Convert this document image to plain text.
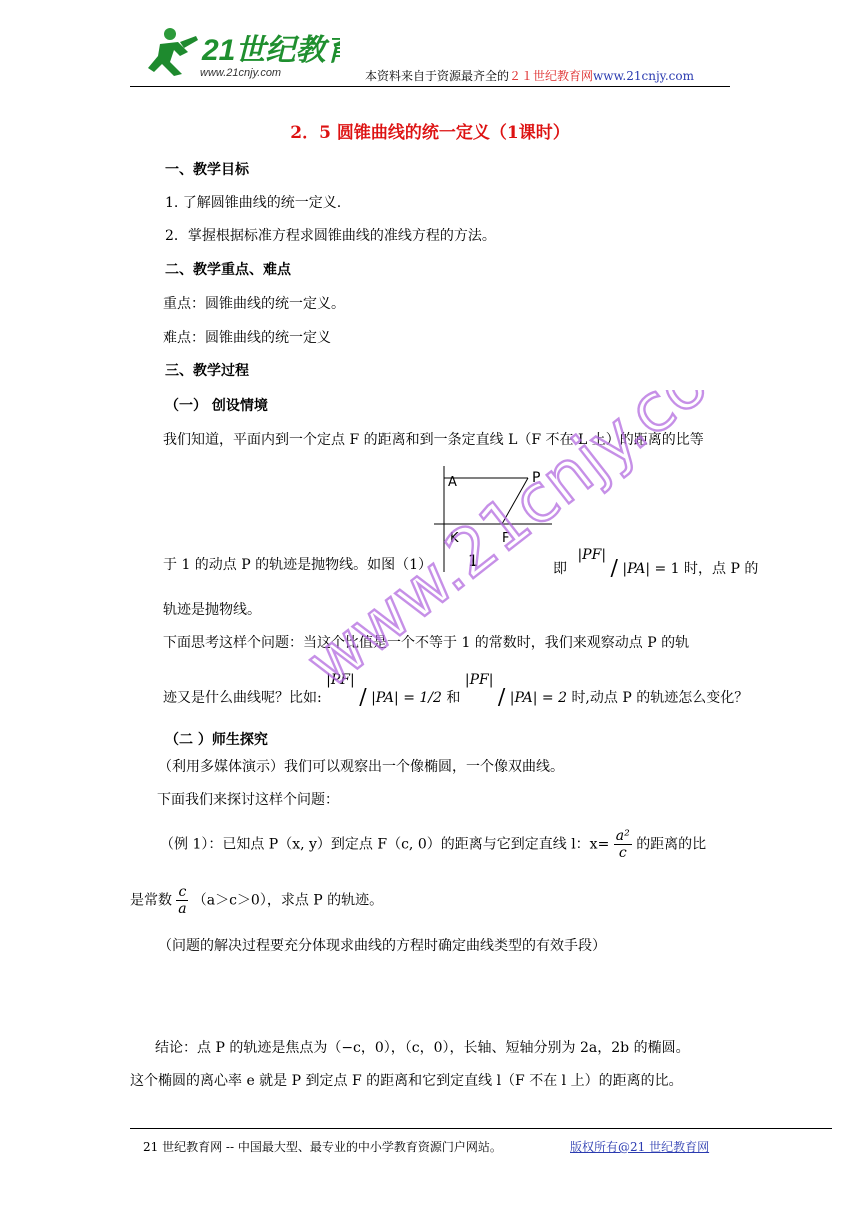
21世纪教
www.21cnjy.com	本资料来自于资源最齐全的２１世纪教育网www.21cnjy.com
2．5 圆锥曲线的统一定义（1课时）
一、教学目标
1. 了解圆锥曲线的统一定义.
2．掌握根据标准方程求圆锥曲线的准线方程的方法。
二、教学重点、难点
重点：圆锥曲线的统一定义。
难点：圆锥曲线的统一定义
三、教学过程
（一） 创设情境
我们知道，平面内到一个定点 F 的距离和到一条定直线 L（F 不在 L 上）的距离的比等
A	P
K	F
1
于 1 的动点 P 的轨迹是抛物线。如图（1）	即 |PF| ∕ |PA| = 1 时，点 P 的
轨迹是抛物线。
下面思考这样个问题：当这个比值是一个不等于 1 的常数时，我们来观察动点 P 的轨
迹又是什么曲线呢？比如: |PF| ∕ |PA| = 1/2 和 |PF| ∕ |PA| = 2 时,动点 P 的轨迹怎么变化？
（二 ）师生探究
（利用多媒体演示）我们可以观察出一个像椭圆，一个像双曲线。
下面我们来探讨这样个问题：
（例 1）：已知点 P（x, y）到定点 F（c, 0）的距离与它到定直线 l：$x= \frac{\text{a²}}{c}$ 的距离的比
是常数 $\frac{c}{a} (a>c>0)$，求点 P 的轨迹。
（问题的解决过程要充分体现求曲线的方程时确定曲线类型的有效手段）
结论：点 P 的轨迹是焦点为（−c，0），（c，0），长轴、短轴分别为 2a，2b 的椭圆。
这个椭圆的离心率 e 就是 P 到定点 F 的距离和它到定直线 l（F 不在 l 上）的距离的比。
www.21cnjy.com
21 世纪教育网 -- 中国最大型、最专业的中小学教育资源门户网站。	版权所有@21 世纪教育网
